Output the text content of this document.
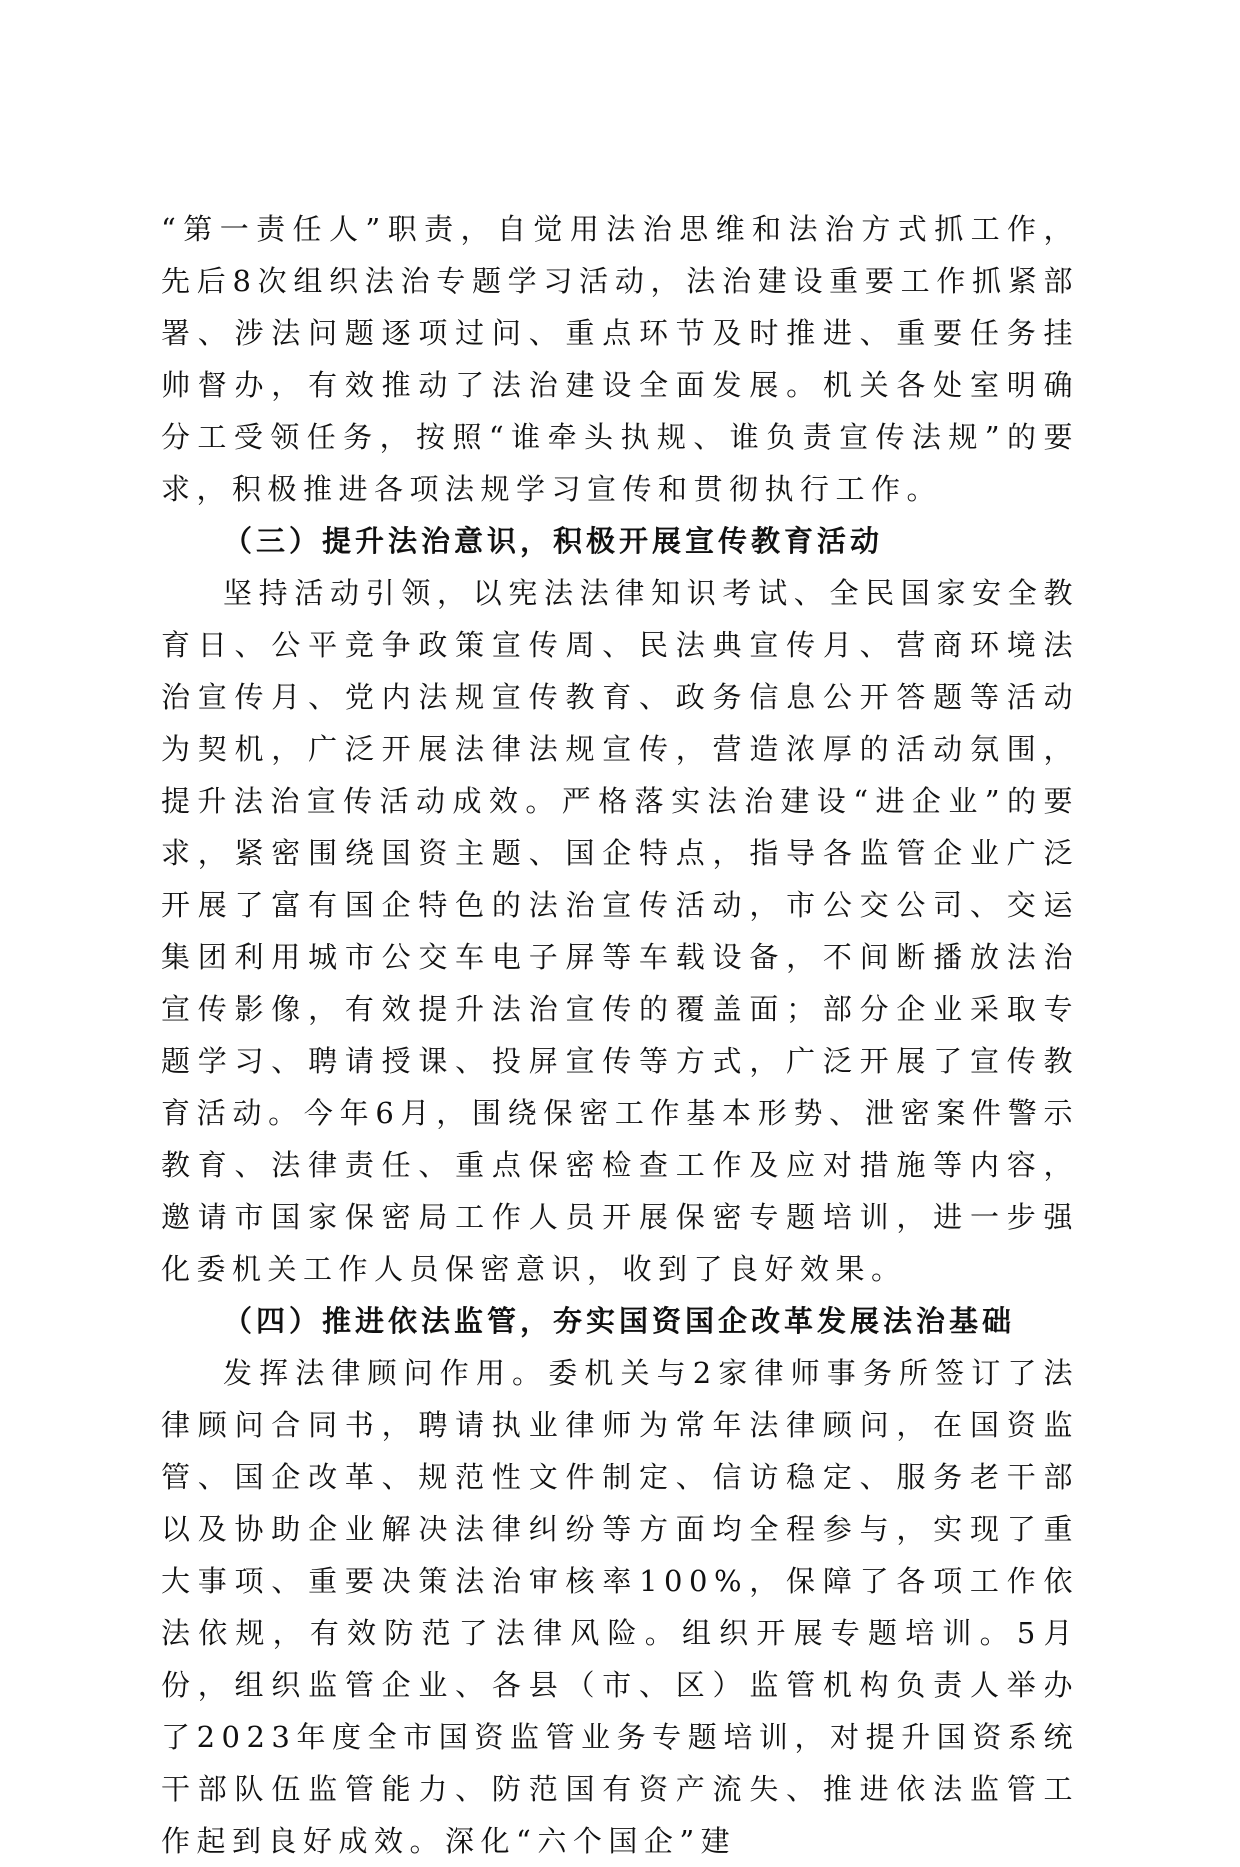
“第一责任人”职责，自觉用法治思维和法治方式抓工作，先后8次组织法治专题学习活动，法治建设重要工作抓紧部署、涉法问题逐项过问、重点环节及时推进、重要任务挂帅督办，有效推动了法治建设全面发展。机关各处室明确分工受领任务，按照“谁牵头执规、谁负责宣传法规”的要求，积极推进各项法规学习宣传和贯彻执行工作。

（三）提升法治意识，积极开展宣传教育活动

坚持活动引领，以宪法法律知识考试、全民国家安全教育日、公平竞争政策宣传周、民法典宣传月、营商环境法治宣传月、党内法规宣传教育、政务信息公开答题等活动为契机，广泛开展法律法规宣传，营造浓厚的活动氛围，提升法治宣传活动成效。严格落实法治建设“进企业”的要求，紧密围绕国资主题、国企特点，指导各监管企业广泛开展了富有国企特色的法治宣传活动，市公交公司、交运集团利用城市公交车电子屏等车载设备，不间断播放法治宣传影像，有效提升法治宣传的覆盖面；部分企业采取专题学习、聘请授课、投屏宣传等方式，广泛开展了宣传教育活动。今年6月，围绕保密工作基本形势、泄密案件警示教育、法律责任、重点保密检查工作及应对措施等内容，邀请市国家保密局工作人员开展保密专题培训，进一步强化委机关工作人员保密意识，收到了良好效果。

（四）推进依法监管，夯实国资国企改革发展法治基础

发挥法律顾问作用。委机关与2家律师事务所签订了法律顾问合同书，聘请执业律师为常年法律顾问，在国资监管、国企改革、规范性文件制定、信访稳定、服务老干部以及协助企业解决法律纠纷等方面均全程参与，实现了重大事项、重要决策法治审核率100%，保障了各项工作依法依规，有效防范了法律风险。组织开展专题培训。5月份，组织监管企业、各县（市、区）监管机构负责人举办了2023年度全市国资监管业务专题培训，对提升国资系统干部队伍监管能力、防范国有资产流失、推进依法监管工作起到良好成效。深化“六个国企”建
